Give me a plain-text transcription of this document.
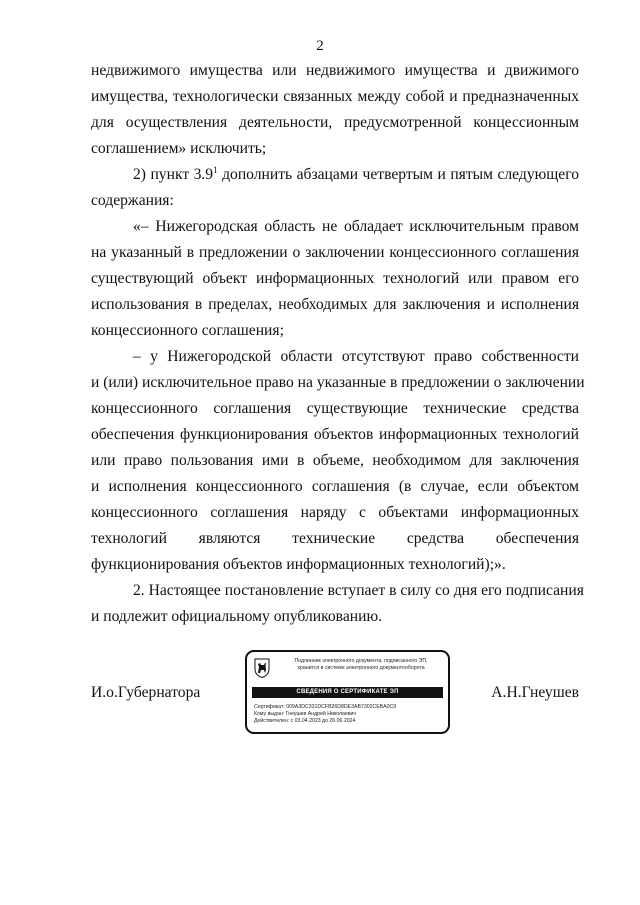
2

недвижимого имущества или недвижимого имущества и движимого
имущества, технологически связанных между собой и предназначенных
для осуществления деятельности, предусмотренной концессионным
соглашением» исключить;

2) пункт $3.9^1$ дополнить абзацами четвертым и пятым следующего
содержания:

«– Нижегородская область не обладает исключительным правом
на указанный в предложении о заключении концессионного соглашения
существующий объект информационных технологий или правом его
использования в пределах, необходимых для заключения и исполнения
концессионного соглашения;

– у Нижегородской области отсутствуют право собственности
и (или) исключительное право на указанные в предложении о заключении
концессионного соглашения существующие технические средства
обеспечения функционирования объектов информационных технологий
или право пользования ими в объеме, необходимом для заключения
и исполнения концессионного соглашения (в случае, если объектом
концессионного соглашения наряду с объектами информационных
технологий являются технические средства обеспечения
функционирования объектов информационных технологий);».

2. Настоящее постановление вступает в силу со дня его подписания
и подлежит официальному опубликованию.

И.о.Губернатора	А.Н.Гнеушев
Подлинник электронного документа, подписанного ЭП,
хранится в системе электронного документооборота
СВЕДЕНИЯ О СЕРТИФИКАТЕ ЭП
Сертификат: 009A3DC331DCFB26D8DE3AB7302CEBA0C9
Кому выдан: Гнеушев Андрей Николаевич
Действителен: с 03.04.2023 до 26.06.2024
